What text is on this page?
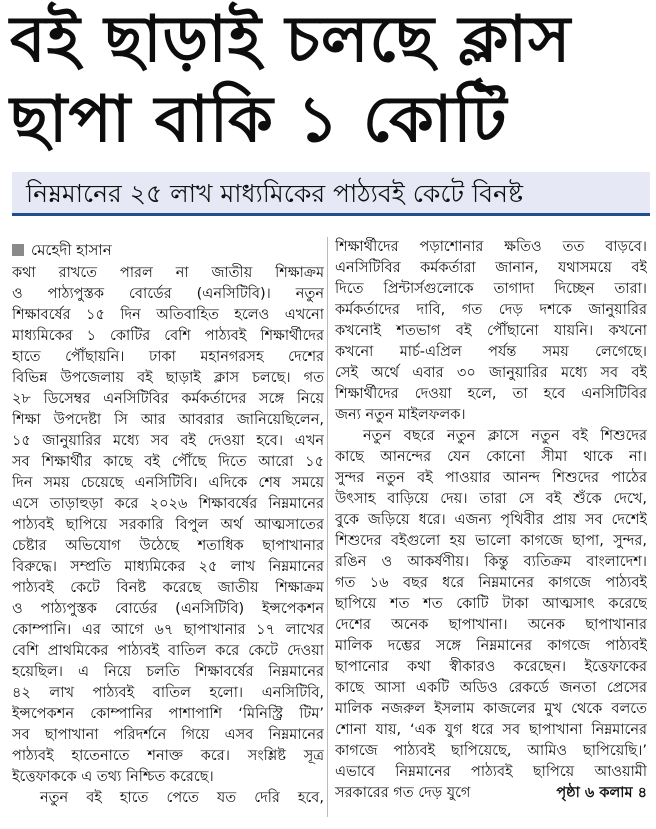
বই ছাড়াই চলছে ক্লাস
ছাপা বাকি ১ কোটি
নিম্নমানের ২৫ লাখ মাধ্যমিকের পাঠ্যবই কেটে বিনষ্ট
মেহেদী হাসান
কথা রাখতে পারল না জাতীয় শিক্ষাক্রম
ও পাঠ্যপুস্তক বোর্ডের (এনসিটিবি)। নতুন
শিক্ষাবর্ষের ১৫ দিন অতিবাহিত হলেও এখনো
মাধ্যমিকের ১ কোটির বেশি পাঠ্যবই শিক্ষার্থীদের
হাতে পৌঁছায়নি। ঢাকা মহানগরসহ দেশের
বিভিন্ন উপজেলায় বই ছাড়াই ক্লাস চলছে। গত
২৮ ডিসেম্বর এনসিটিবির কর্মকর্তাদের সঙ্গে নিয়ে
শিক্ষা উপদেষ্টা সি আর আবরার জানিয়েছিলেন,
১৫ জানুয়ারির মধ্যে সব বই দেওয়া হবে। এখন
সব শিক্ষার্থীর কাছে বই পৌঁছে দিতে আরো ১৫
দিন সময় চেয়েছে এনসিটিবি। এদিকে শেষ সময়ে
এসে তাড়াহুড়া করে ২০২৬ শিক্ষাবর্ষের নিম্নমানের
পাঠ্যবই ছাপিয়ে সরকারি বিপুল অর্থ আত্মসাতের
চেষ্টার অভিযোগ উঠেছে শতাধিক ছাপাখানার
বিরুদ্ধে। সম্প্রতি মাধ্যমিকের ২৫ লাখ নিম্নমানের
পাঠ্যবই কেটে বিনষ্ট করেছে জাতীয় শিক্ষাক্রম
ও পাঠ্যপুস্তক বোর্ডের (এনসিটিবি) ইন্সপেকশন
কোম্পানি। এর আগে ৬৭ ছাপাখানার ১৭ লাখের
বেশি প্রাথমিকের পাঠ্যবই বাতিল করে কেটে দেওয়া
হয়েছিল। এ নিয়ে চলতি শিক্ষাবর্ষের নিম্নমানের
৪২ লাখ পাঠ্যবই বাতিল হলো। এনসিটিবি,
ইন্সপেকশন কোম্পানির পাশাপাশি ‘মিনিস্ট্রি টিম’
সব ছাপাখানা পরিদর্শনে গিয়ে এসব নিম্নমানের
পাঠ্যবই হাতেনাতে শনাক্ত করে। সংশ্লিষ্ট সূত্র
ইত্তেফাককে এ তথ্য নিশ্চিত করেছে।
নতুন বই হাতে পেতে যত দেরি হবে,
শিক্ষার্থীদের পড়াশোনার ক্ষতিও তত বাড়বে।
এনসিটিবির কর্মকর্তারা জানান, যথাসময়ে বই
দিতে প্রিন্টার্সগুলোকে তাগাদা দিচ্ছেন তারা।
কর্মকর্তাদের দাবি, গত দেড় দশকে জানুয়ারির
কখনোই শতভাগ বই পৌঁছানো যায়নি। কখনো
কখনো মার্চ-এপ্রিল পর্যন্ত সময় লেগেছে।
সেই অর্থে এবার ৩০ জানুয়ারির মধ্যে সব বই
শিক্ষার্থীদের দেওয়া হলে, তা হবে এনসিটিবির
জন্য নতুন মাইলফলক।
নতুন বছরে নতুন ক্লাসে নতুন বই শিশুদের
কাছে আনন্দের যেন কোনো সীমা থাকে না।
সুন্দর নতুন বই পাওয়ার আনন্দ শিশুদের পাঠের
উৎসাহ বাড়িয়ে দেয়। তারা সে বই শুঁকে দেখে,
বুকে জড়িয়ে ধরে। এজন্য পৃথিবীর প্রায় সব দেশেই
শিশুদের বইগুলো হয় ভালো কাগজে ছাপা, সুন্দর,
রঙিন ও আকর্ষণীয়। কিন্তু ব্যতিক্রম বাংলাদেশ।
গত ১৬ বছর ধরে নিম্নমানের কাগজে পাঠ্যবই
ছাপিয়ে শত শত কোটি টাকা আত্মসাৎ করেছে
দেশের অনেক ছাপাখানা। অনেক ছাপাখানার
মালিক দম্ভের সঙ্গে নিম্নমানের কাগজে পাঠ্যবই
ছাপানোর কথা স্বীকারও করেছেন। ইত্তেফাকের
কাছে আসা একটি অডিও রেকর্ডে জনতা প্রেসের
মালিক নজরুল ইসলাম কাজলের মুখ থেকে বলতে
শোনা যায়, ‘এক যুগ ধরে সব ছাপাখানা নিম্নমানের
কাগজে পাঠ্যবই ছাপিয়েছে, আমিও ছাপিয়েছি।’
এভাবে নিম্নমানের পাঠ্যবই ছাপিয়ে আওয়ামী
সরকারের গত দেড় যুগে	পৃষ্ঠা ৬ কলাম ৪
